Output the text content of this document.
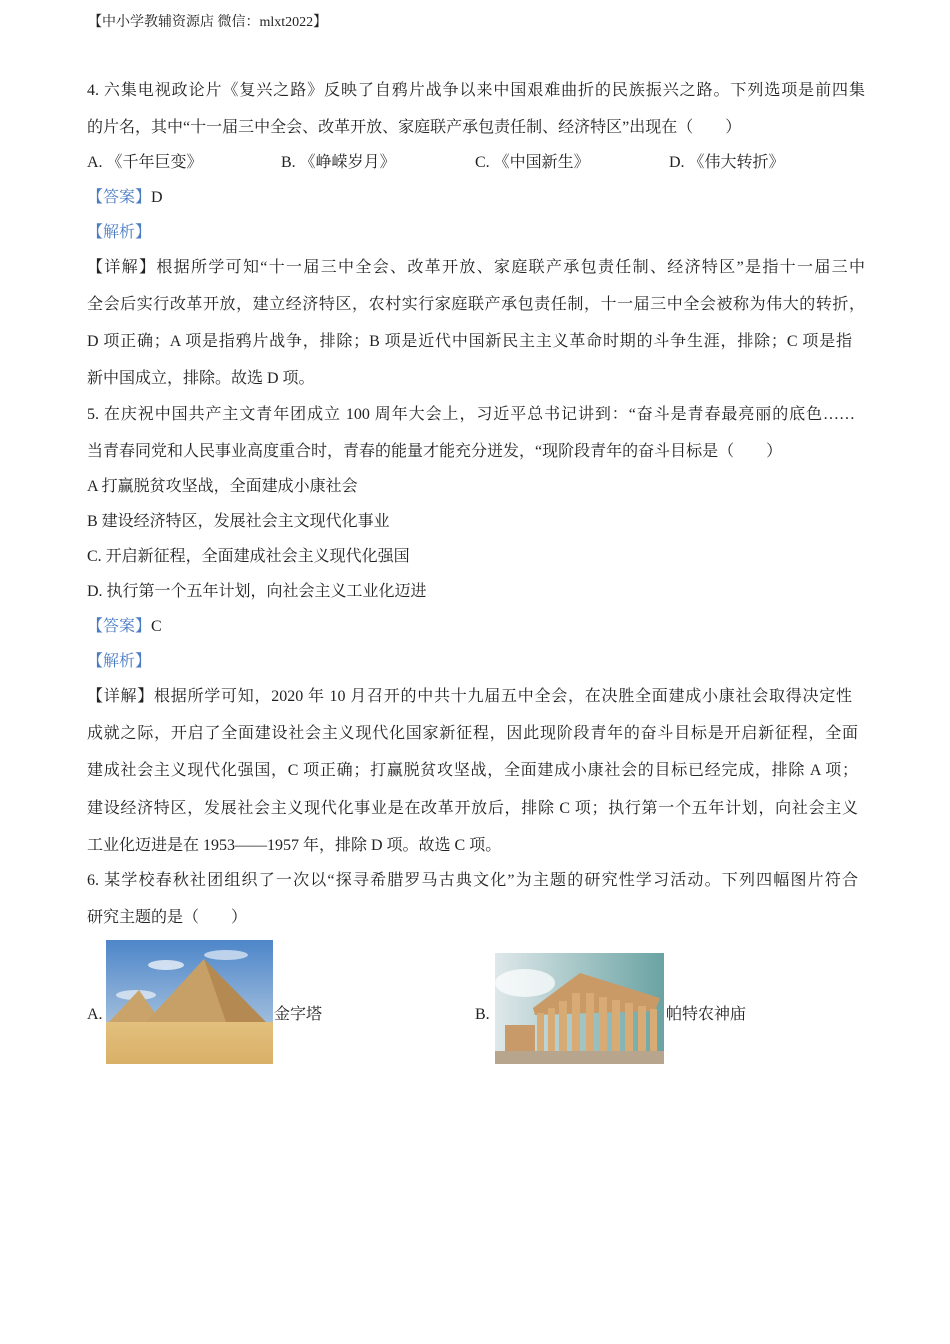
【中小学教辅资源店 微信：mlxt2022】
4. 六集电视政论片《复兴之路》反映了自鸦片战争以来中国艰难曲折的民族振兴之路。下列选项是前四集
的片名，其中“十一届三中全会、改革开放、家庭联产承包责任制、经济特区”出现在（　　）
A. 《千年巨变》	B. 《峥嵘岁月》	C. 《中国新生》	D. 《伟大转折》
【答案】D
【解析】
【详解】根据所学可知“十一届三中全会、改革开放、家庭联产承包责任制、经济特区”是指十一届三中
全会后实行改革开放，建立经济特区，农村实行家庭联产承包责任制，十一届三中全会被称为伟大的转折，
D 项正确；A 项是指鸦片战争，排除；B 项是近代中国新民主主义革命时期的斗争生涯，排除；C 项是指
新中国成立，排除。故选 D 项。
5. 在庆祝中国共产主文青年团成立 100 周年大会上，习近平总书记讲到：“奋斗是青春最亮丽的底色……
当青春同党和人民事业高度重合时，青春的能量才能充分迸发，“现阶段青年的奋斗目标是（　　）
A 打赢脱贫攻坚战，全面建成小康社会
B 建设经济特区，发展社会主文现代化事业
C. 开启新征程，全面建成社会主义现代化强国
D. 执行第一个五年计划，向社会主义工业化迈进
【答案】C
【解析】
【详解】根据所学可知，2020 年 10 月召开的中共十九届五中全会，在决胜全面建成小康社会取得决定性
成就之际，开启了全面建设社会主义现代化国家新征程，因此现阶段青年的奋斗目标是开启新征程，全面
建成社会主义现代化强国，C 项正确；打赢脱贫攻坚战，全面建成小康社会的目标已经完成，排除 A 项；
建设经济特区，发展社会主义现代化事业是在改革开放后，排除 C 项；执行第一个五年计划，向社会主义
工业化迈进是在 1953——1957 年，排除 D 项。故选 C 项。
6. 某学校春秋社团组织了一次以“探寻希腊罗马古典文化”为主题的研究性学习活动。下列四幅图片符合
研究主题的是（　　）
A.	金字塔	B.	帕特农神庙
